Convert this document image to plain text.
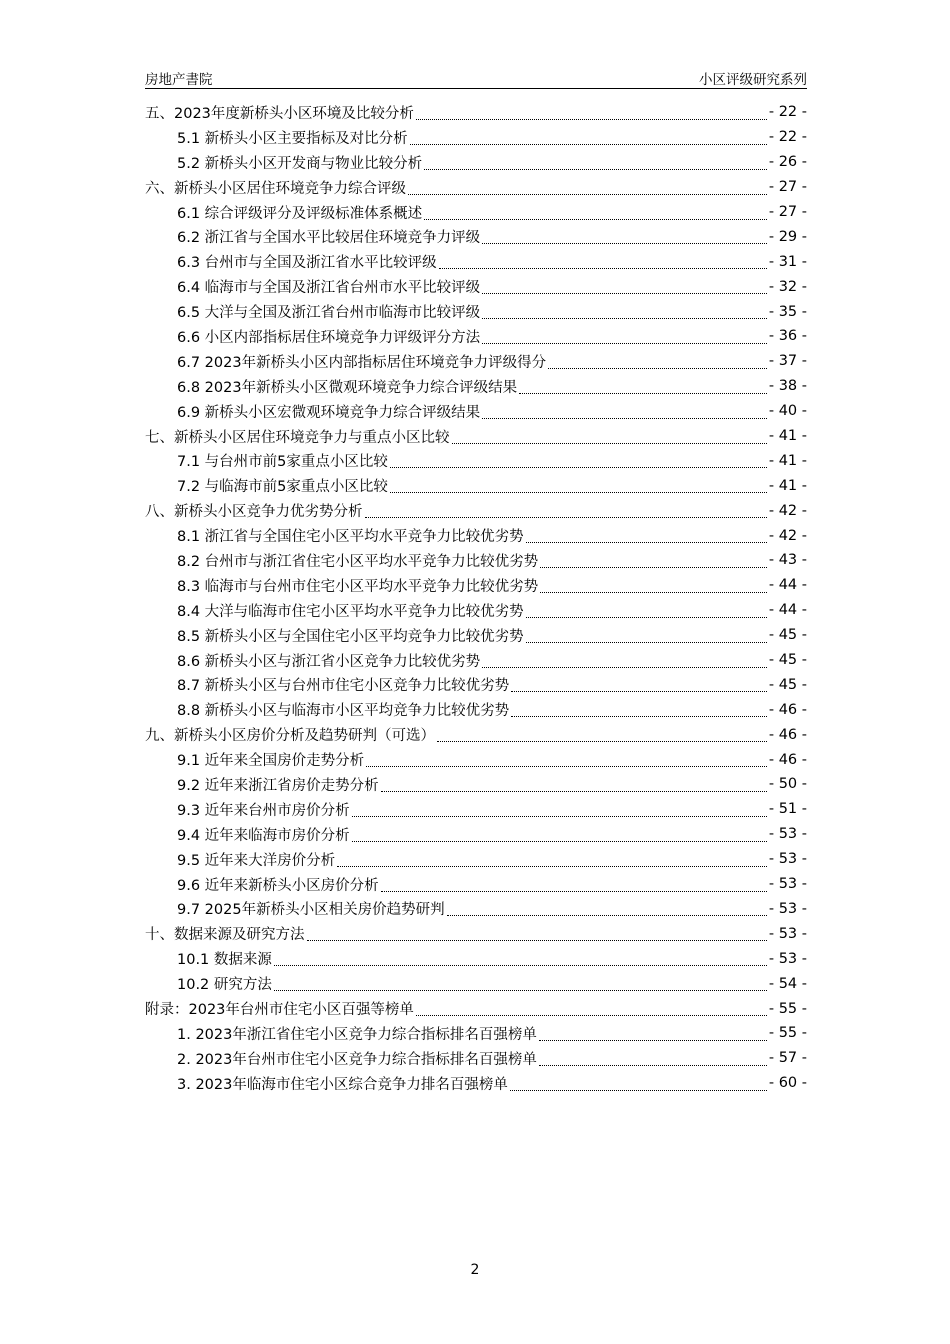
房地产書院	小区评级研究系列
五、2023年度新桥头小区环境及比较分析	- 22 -
5.1 新桥头小区主要指标及对比分析	- 22 -
5.2 新桥头小区开发商与物业比较分析	- 26 -
六、新桥头小区居住环境竞争力综合评级	- 27 -
6.1 综合评级评分及评级标准体系概述	- 27 -
6.2 浙江省与全国水平比较居住环境竞争力评级	- 29 -
6.3 台州市与全国及浙江省水平比较评级	- 31 -
6.4 临海市与全国及浙江省台州市水平比较评级	- 32 -
6.5 大洋与全国及浙江省台州市临海市比较评级	- 35 -
6.6 小区内部指标居住环境竞争力评级评分方法	- 36 -
6.7 2023年新桥头小区内部指标居住环境竞争力评级得分	- 37 -
6.8 2023年新桥头小区微观环境竞争力综合评级结果	- 38 -
6.9 新桥头小区宏微观环境竞争力综合评级结果	- 40 -
七、新桥头小区居住环境竞争力与重点小区比较	- 41 -
7.1 与台州市前5家重点小区比较	- 41 -
7.2 与临海市前5家重点小区比较	- 41 -
八、新桥头小区竞争力优劣势分析	- 42 -
8.1 浙江省与全国住宅小区平均水平竞争力比较优劣势	- 42 -
8.2 台州市与浙江省住宅小区平均水平竞争力比较优劣势	- 43 -
8.3 临海市与台州市住宅小区平均水平竞争力比较优劣势	- 44 -
8.4 大洋与临海市住宅小区平均水平竞争力比较优劣势	- 44 -
8.5 新桥头小区与全国住宅小区平均竞争力比较优劣势	- 45 -
8.6 新桥头小区与浙江省小区竞争力比较优劣势	- 45 -
8.7 新桥头小区与台州市住宅小区竞争力比较优劣势	- 45 -
8.8 新桥头小区与临海市小区平均竞争力比较优劣势	- 46 -
九、新桥头小区房价分析及趋势研判（可选）	- 46 -
9.1 近年来全国房价走势分析	- 46 -
9.2 近年来浙江省房价走势分析	- 50 -
9.3 近年来台州市房价分析	- 51 -
9.4 近年来临海市房价分析	- 53 -
9.5 近年来大洋房价分析	- 53 -
9.6 近年来新桥头小区房价分析	- 53 -
9.7 2025年新桥头小区相关房价趋势研判	- 53 -
十、数据来源及研究方法	- 53 -
10.1 数据来源	- 53 -
10.2 研究方法	- 54 -
附录：2023年台州市住宅小区百强等榜单	- 55 -
1. 2023年浙江省住宅小区竞争力综合指标排名百强榜单	- 55 -
2. 2023年台州市住宅小区竞争力综合指标排名百强榜单	- 57 -
3. 2023年临海市住宅小区综合竞争力排名百强榜单	- 60 -
2
